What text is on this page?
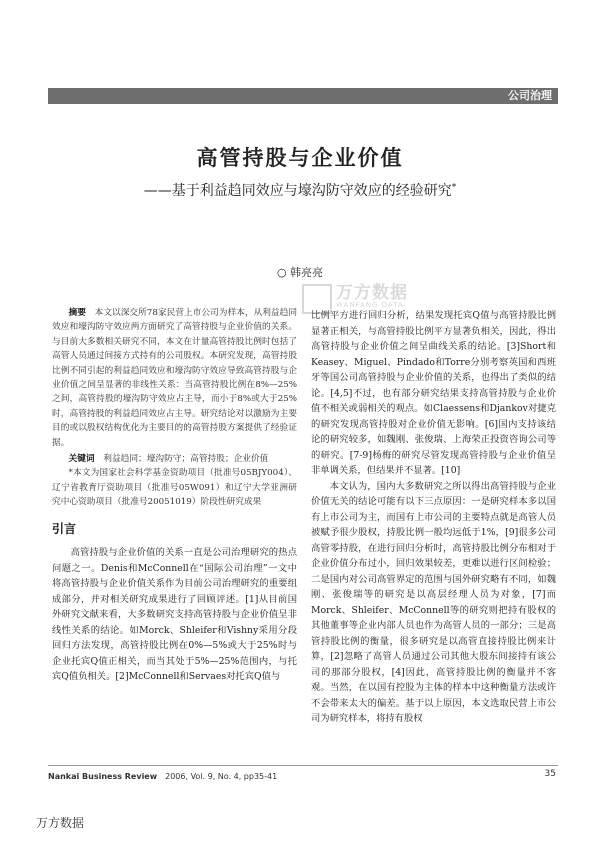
公司治理
高管持股与企业价值
——基于利益趋同效应与壕沟防守效应的经验研究*
○ 韩亮亮
万方数据
WANFANG DATA

摘要　 本文以深交所78家民营上市公司为样本，从利益趋同效应和壕沟防守效应两方面研究了高管持股与企业价值的关系。与目前大多数相关研究不同，本文在计量高管持股比例时包括了高管人员通过间接方式持有的公司股权。本研究发现，高管持股比例不同引起的利益趋同效应和壕沟防守效应导致高管持股与企业价值之间呈显著的非线性关系：当高管持股比例在8%—25%之间，高管持股的壕沟防守效应占主导，而小于8%或大于25%时，高管持股的利益趋同效应占主导。研究结论对以激励为主要目的或以股权结构优化为主要目的的高管持股方案提供了经验证据。

关键词　 利益趋同；壕沟防守；高管持股；企业价值

*本文为国家社会科学基金资助项目（批准号05BJY004）、辽宁省教育厅资助项目（批准号05W091）和辽宁大学亚洲研究中心资助项目（批准号20051019）阶段性研究成果

引言

高管持股与企业价值的关系一直是公司治理研究的热点问题之一。Denis和McConnell在“国际公司治理”一文中将高管持股与企业价值关系作为目前公司治理研究的重要组成部分，并对相关研究成果进行了回顾评述。[1]从目前国外研究文献来看，大多数研究支持高管持股与企业价值呈非线性关系的结论。如Morck、Shleifer和Vishny采用分段回归方法发现，高管持股比例在0%—5%或大于25%时与企业托宾Q值正相关，而当其处于5%—25%范围内，与托宾Q值负相关。[2]McConnell和Servaes对托宾Q值与

比例平方进行回归分析，结果发现托宾Q值与高管持股比例显著正相关，与高管持股比例平方显著负相关，因此，得出高管持股与企业价值之间呈曲线关系的结论。[3]Short和Keasey、Miguel、Pindado和Torre分别考察英国和西班牙等国公司高管持股与企业价值的关系，也得出了类似的结论。[4,5]不过，也有部分研究结果支持高管持股与企业价值不相关或弱相关的观点。如Claessens和Djankov对捷克的研究发现高管持股对企业价值无影响。[6]国内支持该结论的研究较多，如魏刚、张俊瑞、上海荣正投资咨询公司等的研究。[7-9]杨梅的研究尽管发现高管持股与企业价值呈非单调关系，但结果并不显著。[10]

本文认为，国内大多数研究之所以得出高管持股与企业价值无关的结论可能有以下三点原因：一是研究样本多以国有上市公司为主，而国有上市公司的主要特点就是高管人员被赋予很少股权，持股比例一般均远低于1%，[9]很多公司高管零持股，在进行回归分析时，高管持股比例分布相对于企业价值分布过小，回归效果较差，更难以进行区间检验；二是国内对公司高管界定的范围与国外研究略有不同，如魏刚、张俊瑞等的研究是以高层经理人员为对象，[7]而Morck、Shleifer、McConnell等的研究则把持有股权的其他董事等企业内部人员也作为高管人员的一部分；三是高管持股比例的衡量，很多研究是以高管直接持股比例来计算，[2]忽略了高管人员通过公司其他大股东间接持有该公司的那部分股权，[4]因此，高管持股比例的衡量并不客观。当然，在以国有控股为主体的样本中这种衡量方法或许不会带来太大的偏差。基于以上原因，本文选取民营上市公司为研究样本，将持有股权

Nankai Business Review　 2006, Vol. 9, No. 4, pp35-41	35
万方数据
